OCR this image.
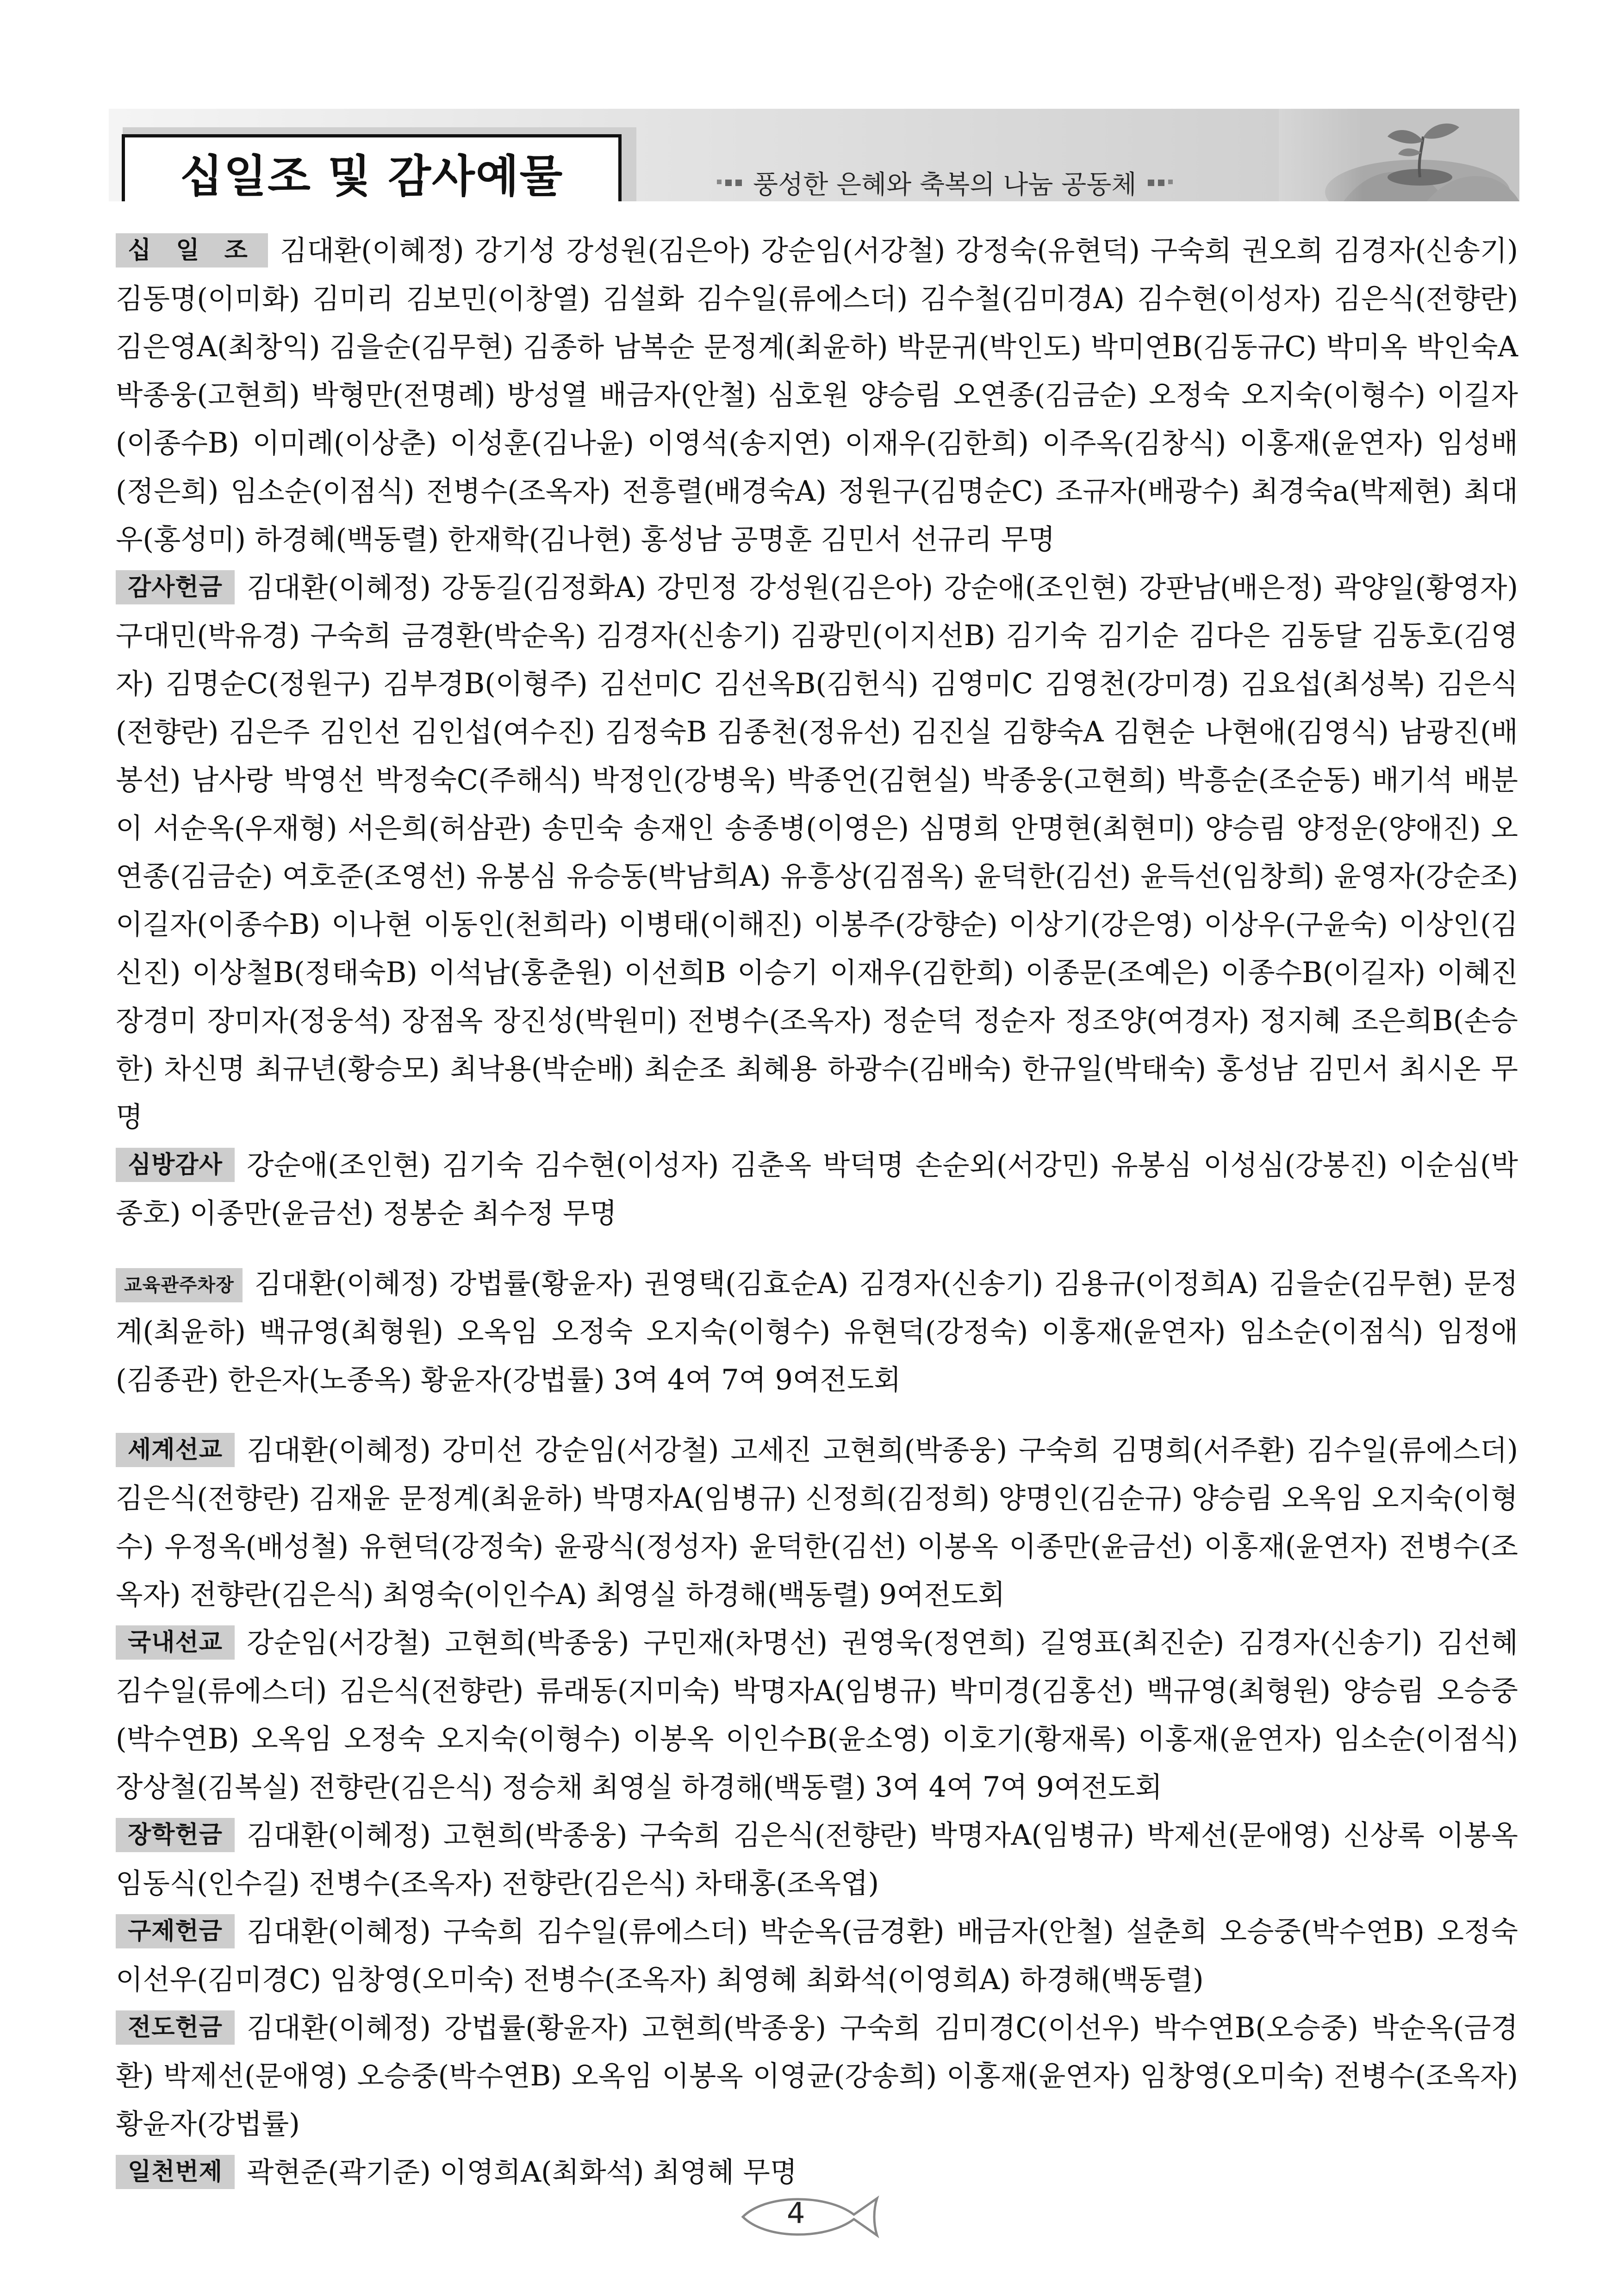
십일조 및 감사예물	풍성한 은혜와 축복의 나눔 공동체

십 일 조 김대환(이혜정) 강기성 강성원(김은아) 강순임(서강철) 강정숙(유현덕) 구숙희 권오희 김경자(신송기) 김동명(이미화) 김미리 김보민(이창열) 김설화 김수일(류에스더) 김수철(김미경A) 김수현(이성자) 김은식(전향란) 김은영A(최창익) 김을순(김무현) 김종하 남복순 문정계(최윤하) 박문귀(박인도) 박미연B(김동규C) 박미옥 박인숙A 박종웅(고현희) 박형만(전명례) 방성열 배금자(안철) 심호원 양승림 오연종(김금순) 오정숙 오지숙(이형수) 이길자(이종수B) 이미례(이상춘) 이성훈(김나윤) 이영석(송지연) 이재우(김한희) 이주옥(김창식) 이홍재(윤연자) 임성배(정은희) 임소순(이점식) 전병수(조옥자) 전흥렬(배경숙A) 정원구(김명순C) 조규자(배광수) 최경숙a(박제현) 최대우(홍성미) 하경혜(백동렬) 한재학(김나현) 홍성남 공명훈 김민서 선규리 무명

감사헌금 김대환(이혜정) 강동길(김정화A) 강민정 강성원(김은아) 강순애(조인현) 강판남(배은정) 곽양일(황영자) 구대민(박유경) 구숙희 금경환(박순옥) 김경자(신송기) 김광민(이지선B) 김기숙 김기순 김다은 김동달 김동호(김영자) 김명순C(정원구) 김부경B(이형주) 김선미C 김선옥B(김헌식) 김영미C 김영천(강미경) 김요섭(최성복) 김은식(전향란) 김은주 김인선 김인섭(여수진) 김정숙B 김종천(정유선) 김진실 김향숙A 김현순 나현애(김영식) 남광진(배봉선) 남사랑 박영선 박정숙C(주해식) 박정인(강병욱) 박종언(김현실) 박종웅(고현희) 박흥순(조순동) 배기석 배분이 서순옥(우재형) 서은희(허삼관) 송민숙 송재인 송종병(이영은) 심명희 안명현(최현미) 양승림 양정운(양애진) 오연종(김금순) 여호준(조영선) 유봉심 유승동(박남희A) 유흥상(김점옥) 윤덕한(김선) 윤득선(임창희) 윤영자(강순조) 이길자(이종수B) 이나현 이동인(천희라) 이병태(이해진) 이봉주(강향순) 이상기(강은영) 이상우(구윤숙) 이상인(김신진) 이상철B(정태숙B) 이석남(홍춘원) 이선희B 이승기 이재우(김한희) 이종문(조예은) 이종수B(이길자) 이혜진 장경미 장미자(정웅석) 장점옥 장진성(박원미) 전병수(조옥자) 정순덕 정순자 정조양(여경자) 정지혜 조은희B(손승한) 차신명 최규년(황승모) 최낙용(박순배) 최순조 최혜용 하광수(김배숙) 한규일(박태숙) 홍성남 김민서 최시온 무명

심방감사 강순애(조인현) 김기숙 김수현(이성자) 김춘옥 박덕명 손순외(서강민) 유봉심 이성심(강봉진) 이순심(박종호) 이종만(윤금선) 정봉순 최수정 무명

교육관주차장 김대환(이혜정) 강법률(황윤자) 권영택(김효순A) 김경자(신송기) 김용규(이정희A) 김을순(김무현) 문정계(최윤하) 백규영(최형원) 오옥임 오정숙 오지숙(이형수) 유현덕(강정숙) 이홍재(윤연자) 임소순(이점식) 임정애(김종관) 한은자(노종옥) 황윤자(강법률) 3여 4여 7여 9여전도회

세계선교 김대환(이혜정) 강미선 강순임(서강철) 고세진 고현희(박종웅) 구숙희 김명희(서주환) 김수일(류에스더) 김은식(전향란) 김재윤 문정계(최윤하) 박명자A(임병규) 신정희(김정희) 양명인(김순규) 양승림 오옥임 오지숙(이형수) 우정옥(배성철) 유현덕(강정숙) 윤광식(정성자) 윤덕한(김선) 이봉옥 이종만(윤금선) 이홍재(윤연자) 전병수(조옥자) 전향란(김은식) 최영숙(이인수A) 최영실 하경해(백동렬) 9여전도회

국내선교 강순임(서강철) 고현희(박종웅) 구민재(차명선) 권영욱(정연희) 길영표(최진순) 김경자(신송기) 김선혜 김수일(류에스더) 김은식(전향란) 류래동(지미숙) 박명자A(임병규) 박미경(김홍선) 백규영(최형원) 양승림 오승중(박수연B) 오옥임 오정숙 오지숙(이형수) 이봉옥 이인수B(윤소영) 이호기(황재록) 이홍재(윤연자) 임소순(이점식) 장상철(김복실) 전향란(김은식) 정승채 최영실 하경해(백동렬) 3여 4여 7여 9여전도회

장학헌금 김대환(이혜정) 고현희(박종웅) 구숙희 김은식(전향란) 박명자A(임병규) 박제선(문애영) 신상록 이봉옥 임동식(인수길) 전병수(조옥자) 전향란(김은식) 차태홍(조옥엽)

구제헌금 김대환(이혜정) 구숙희 김수일(류에스더) 박순옥(금경환) 배금자(안철) 설춘희 오승중(박수연B) 오정숙 이선우(김미경C) 임창영(오미숙) 전병수(조옥자) 최영혜 최화석(이영희A) 하경해(백동렬)

전도헌금 김대환(이혜정) 강법률(황윤자) 고현희(박종웅) 구숙희 김미경C(이선우) 박수연B(오승중) 박순옥(금경환) 박제선(문애영) 오승중(박수연B) 오옥임 이봉옥 이영균(강송희) 이홍재(윤연자) 임창영(오미숙) 전병수(조옥자) 황윤자(강법률)

일천번제 곽현준(곽기준) 이영희A(최화석) 최영혜 무명

4
